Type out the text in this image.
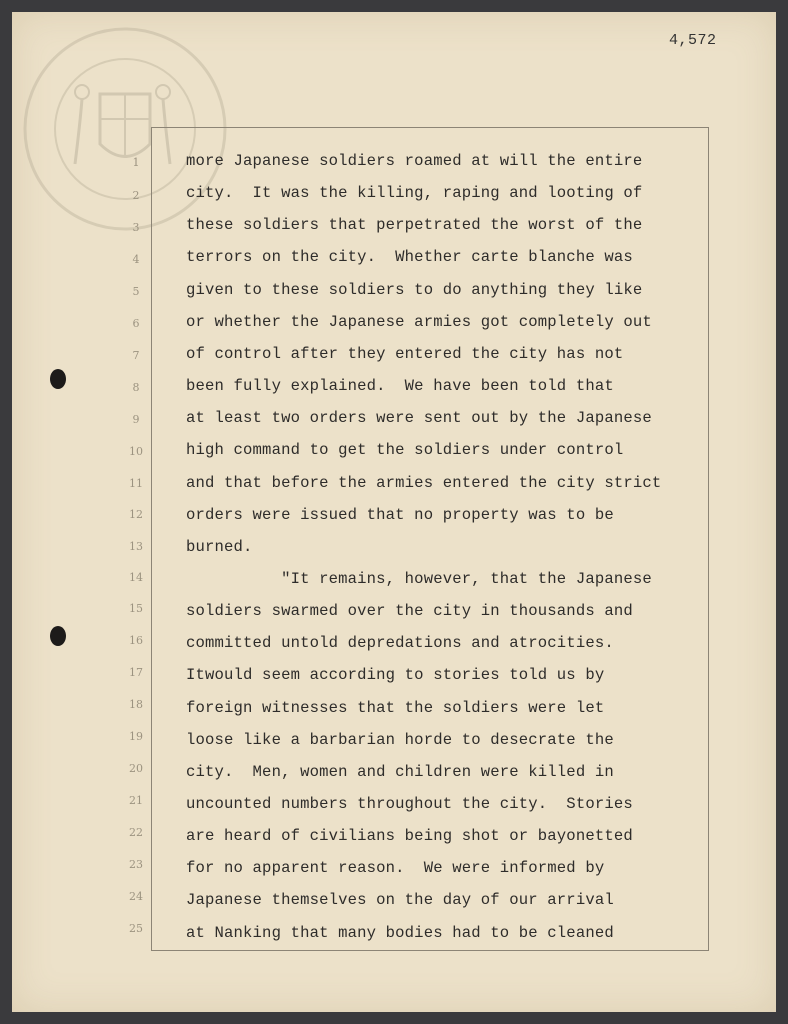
4,572
1	more Japanese soldiers roamed at will the entire
2	city.  It was the killing, raping and looting of
3	these soldiers that perpetrated the worst of the
4	terrors on the city.  Whether carte blanche was
5	given to these soldiers to do anything they like
6	or whether the Japanese armies got completely out
7	of control after they entered the city has not
8	been fully explained.  We have been told that
9	at least two orders were sent out by the Japanese
10	high command to get the soldiers under control
11	and that before the armies entered the city strict
12	orders were issued that no property was to be
13	burned.
14	"It remains, however, that the Japanese
15	soldiers swarmed over the city in thousands and
16	committed untold depredations and atrocities.
17	Itwould seem according to stories told us by
18	foreign witnesses that the soldiers were let
19	loose like a barbarian horde to desecrate the
20	city.  Men, women and children were killed in
21	uncounted numbers throughout the city.  Stories
22	are heard of civilians being shot or bayonetted
23	for no apparent reason.  We were informed by
24	Japanese themselves on the day of our arrival
25	at Nanking that many bodies had to be cleaned
